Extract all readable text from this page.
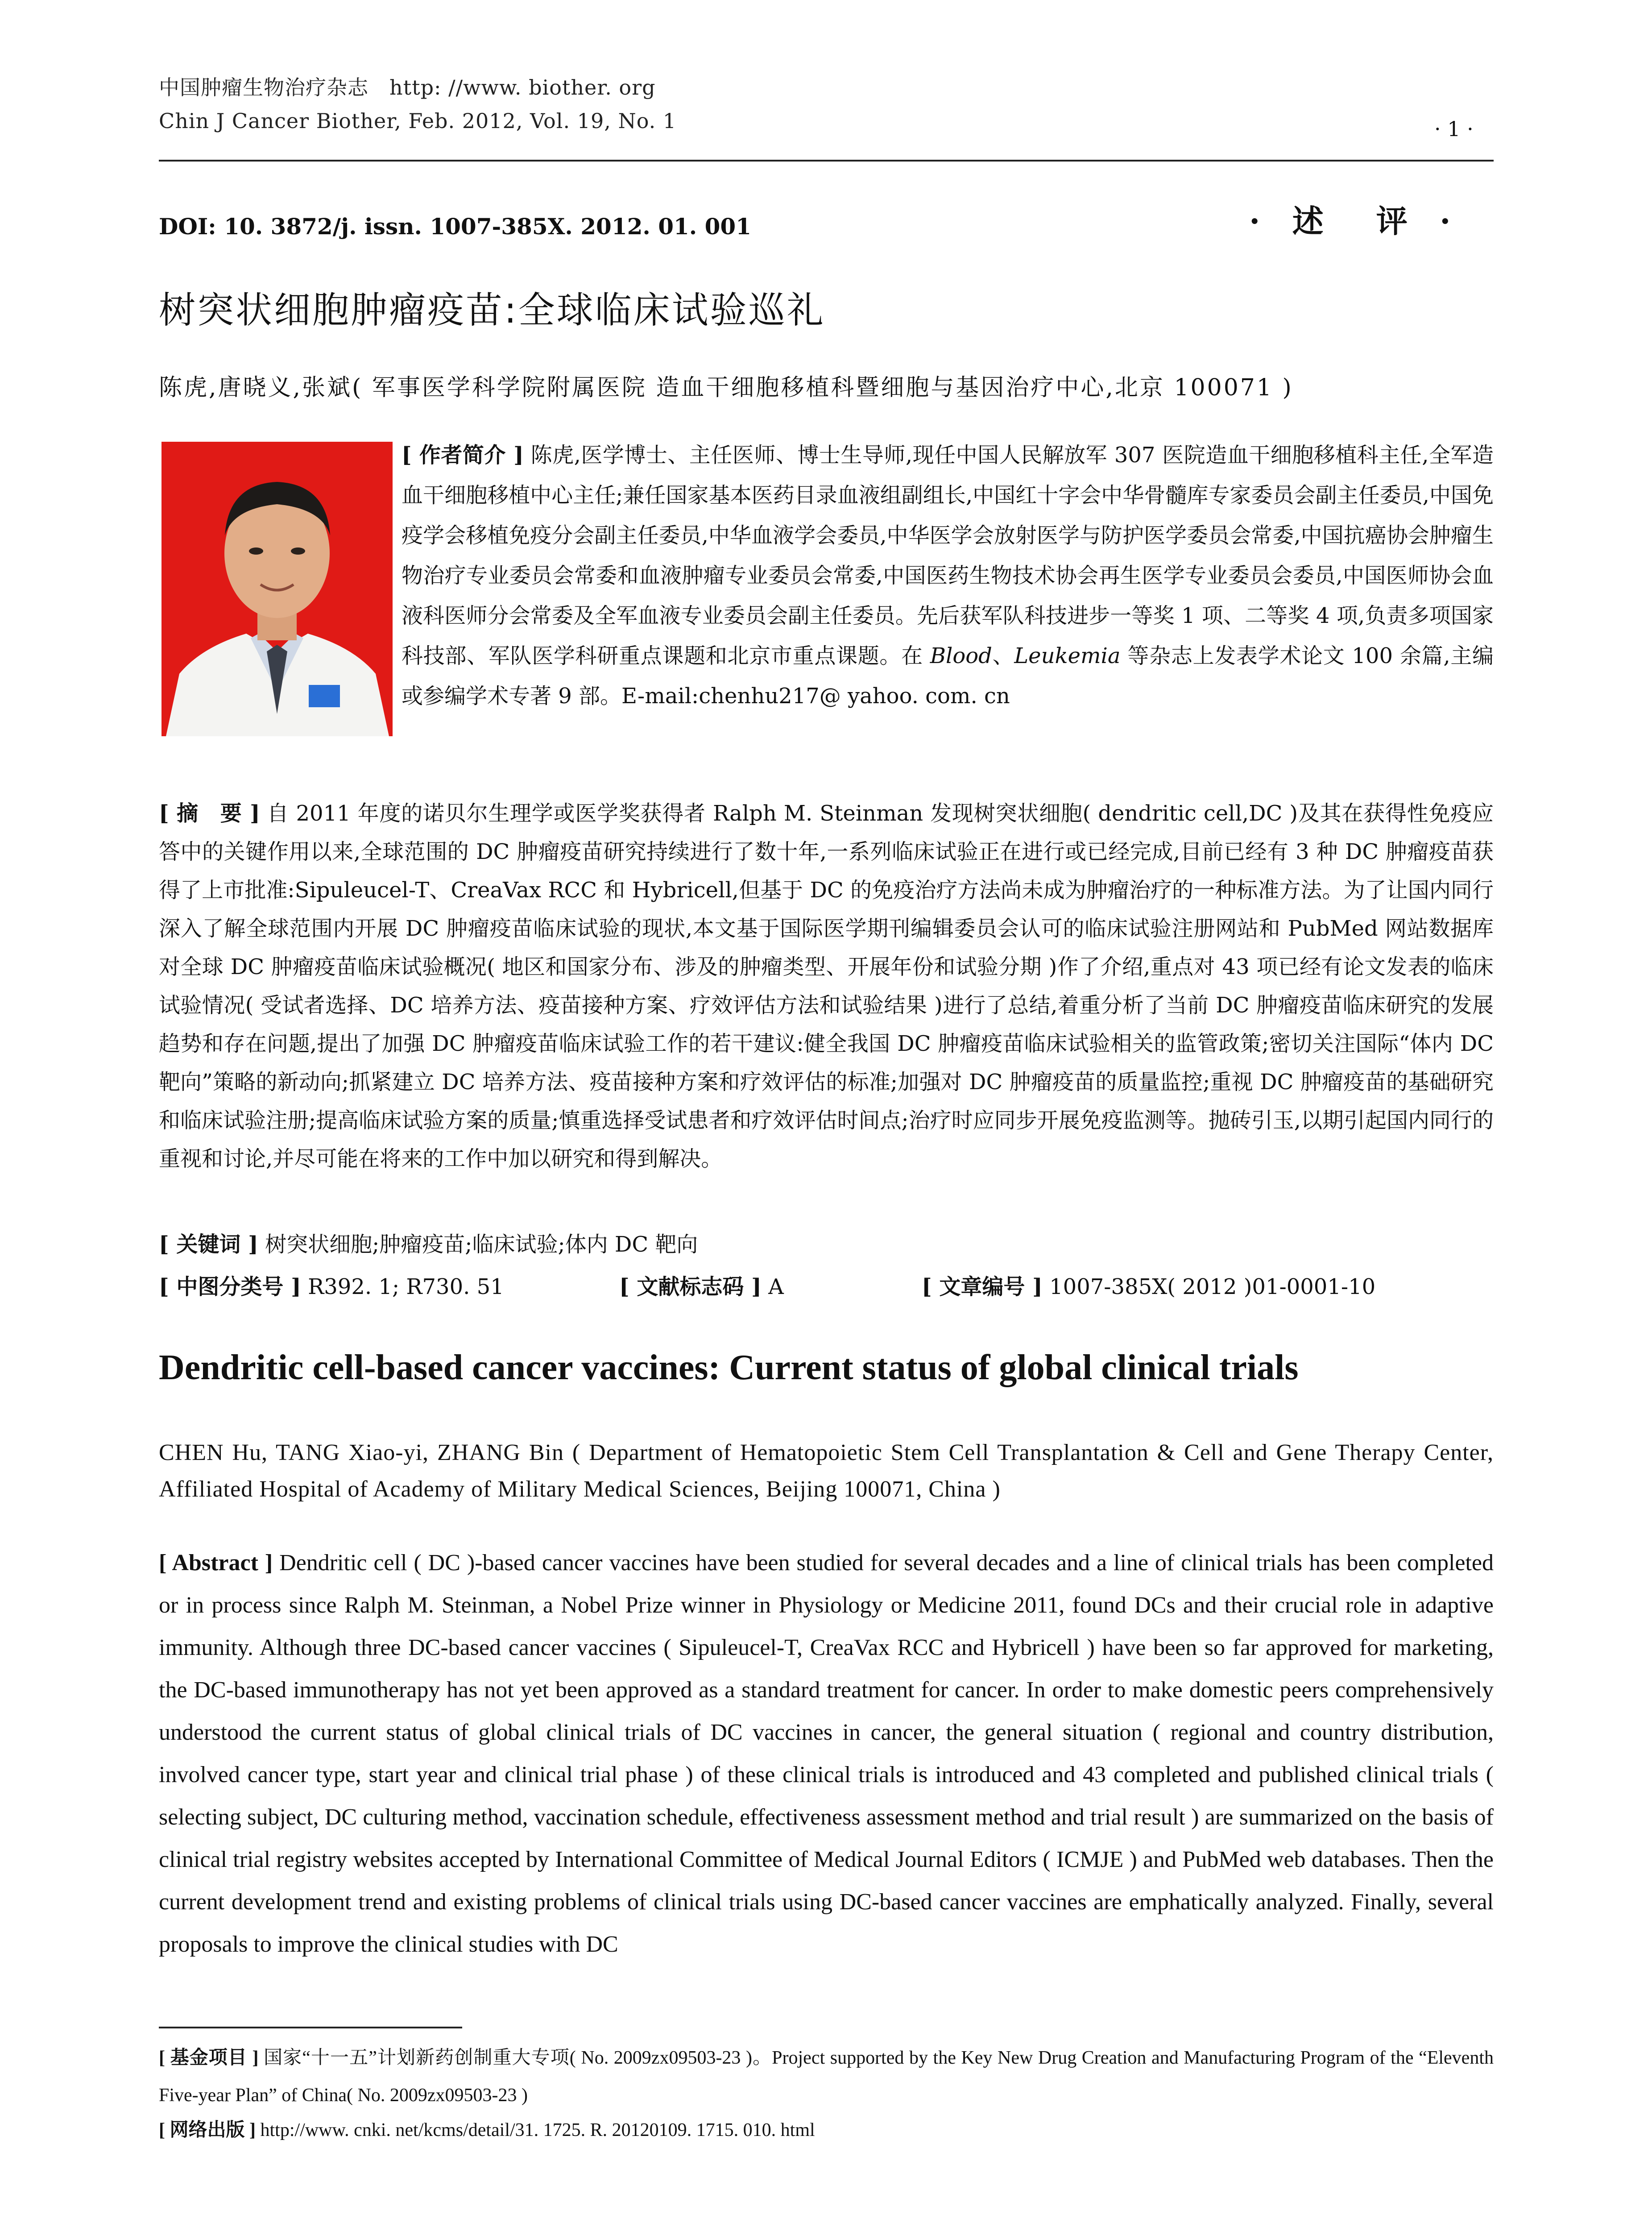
中国肿瘤生物治疗杂志　http: //www. biother. org
Chin J Cancer Biother, Feb. 2012, Vol. 19, No. 1	· 1 ·
DOI: 10. 3872/j. issn. 1007-385X. 2012. 01. 001	· 述　评 ·
树突状细胞肿瘤疫苗:全球临床试验巡礼
陈虎,唐晓义,张斌( 军事医学科学院附属医院 造血干细胞移植科暨细胞与基因治疗中心,北京 100071 )
[ 作者简介 ] 陈虎,医学博士、主任医师、博士生导师,现任中国人民解放军 307 医院造血干细胞移植科主任,全军造血干细胞移植中心主任;兼任国家基本医药目录血液组副组长,中国红十字会中华骨髓库专家委员会副主任委员,中国免疫学会移植免疫分会副主任委员,中华血液学会委员,中华医学会放射医学与防护医学委员会常委,中国抗癌协会肿瘤生物治疗专业委员会常委和血液肿瘤专业委员会常委,中国医药生物技术协会再生医学专业委员会委员,中国医师协会血液科医师分会常委及全军血液专业委员会副主任委员。先后获军队科技进步一等奖 1 项、二等奖 4 项,负责多项国家科技部、军队医学科研重点课题和北京市重点课题。在 Blood、Leukemia 等杂志上发表学术论文 100 余篇,主编或参编学术专著 9 部。E-mail:chenhu217@ yahoo. com. cn
[ 摘　要 ] 自 2011 年度的诺贝尔生理学或医学奖获得者 Ralph M. Steinman 发现树突状细胞( dendritic cell,DC )及其在获得性免疫应答中的关键作用以来,全球范围的 DC 肿瘤疫苗研究持续进行了数十年,一系列临床试验正在进行或已经完成,目前已经有 3 种 DC 肿瘤疫苗获得了上市批准:Sipuleucel-T、CreaVax RCC 和 Hybricell,但基于 DC 的免疫治疗方法尚未成为肿瘤治疗的一种标准方法。为了让国内同行深入了解全球范围内开展 DC 肿瘤疫苗临床试验的现状,本文基于国际医学期刊编辑委员会认可的临床试验注册网站和 PubMed 网站数据库对全球 DC 肿瘤疫苗临床试验概况( 地区和国家分布、涉及的肿瘤类型、开展年份和试验分期 )作了介绍,重点对 43 项已经有论文发表的临床试验情况( 受试者选择、DC 培养方法、疫苗接种方案、疗效评估方法和试验结果 )进行了总结,着重分析了当前 DC 肿瘤疫苗临床研究的发展趋势和存在问题,提出了加强 DC 肿瘤疫苗临床试验工作的若干建议:健全我国 DC 肿瘤疫苗临床试验相关的监管政策;密切关注国际“体内 DC 靶向”策略的新动向;抓紧建立 DC 培养方法、疫苗接种方案和疗效评估的标准;加强对 DC 肿瘤疫苗的质量监控;重视 DC 肿瘤疫苗的基础研究和临床试验注册;提高临床试验方案的质量;慎重选择受试患者和疗效评估时间点;治疗时应同步开展免疫监测等。抛砖引玉,以期引起国内同行的重视和讨论,并尽可能在将来的工作中加以研究和得到解决。
[ 关键词 ] 树突状细胞;肿瘤疫苗;临床试验;体内 DC 靶向
[ 中图分类号 ] R392. 1; R730. 51	[ 文献标志码 ] A	[ 文章编号 ] 1007-385X( 2012 )01-0001-10
Dendritic cell-based cancer vaccines: Current status of global clinical trials
CHEN Hu, TANG Xiao-yi, ZHANG Bin ( Department of Hematopoietic Stem Cell Transplantation & Cell and Gene Therapy Center, Affiliated Hospital of Academy of Military Medical Sciences, Beijing 100071, China )
[ Abstract ] Dendritic cell ( DC )-based cancer vaccines have been studied for several decades and a line of clinical trials has been completed or in process since Ralph M. Steinman, a Nobel Prize winner in Physiology or Medicine 2011, found DCs and their crucial role in adaptive immunity. Although three DC-based cancer vaccines ( Sipuleucel-T, CreaVax RCC and Hybricell ) have been so far approved for marketing, the DC-based immunotherapy has not yet been approved as a standard treatment for cancer. In order to make domestic peers comprehensively understood the current status of global clinical trials of DC vaccines in cancer, the general situation ( regional and country distribution, involved cancer type, start year and clinical trial phase ) of these clinical trials is introduced and 43 completed and published clinical trials ( selecting subject, DC culturing method, vaccination schedule, effectiveness assessment method and trial result ) are summarized on the basis of clinical trial registry websites accepted by International Committee of Medical Journal Editors ( ICMJE ) and PubMed web databases. Then the current development trend and existing problems of clinical trials using DC-based cancer vaccines are emphatically analyzed. Finally, several proposals to improve the clinical studies with DC
[ 基金项目 ] 国家“十一五”计划新药创制重大专项( No. 2009zx09503-23 )。Project supported by the Key New Drug Creation and Manufacturing Program of the “Eleventh Five-year Plan” of China( No. 2009zx09503-23 )
[ 网络出版 ] http://www. cnki. net/kcms/detail/31. 1725. R. 20120109. 1715. 010. html
